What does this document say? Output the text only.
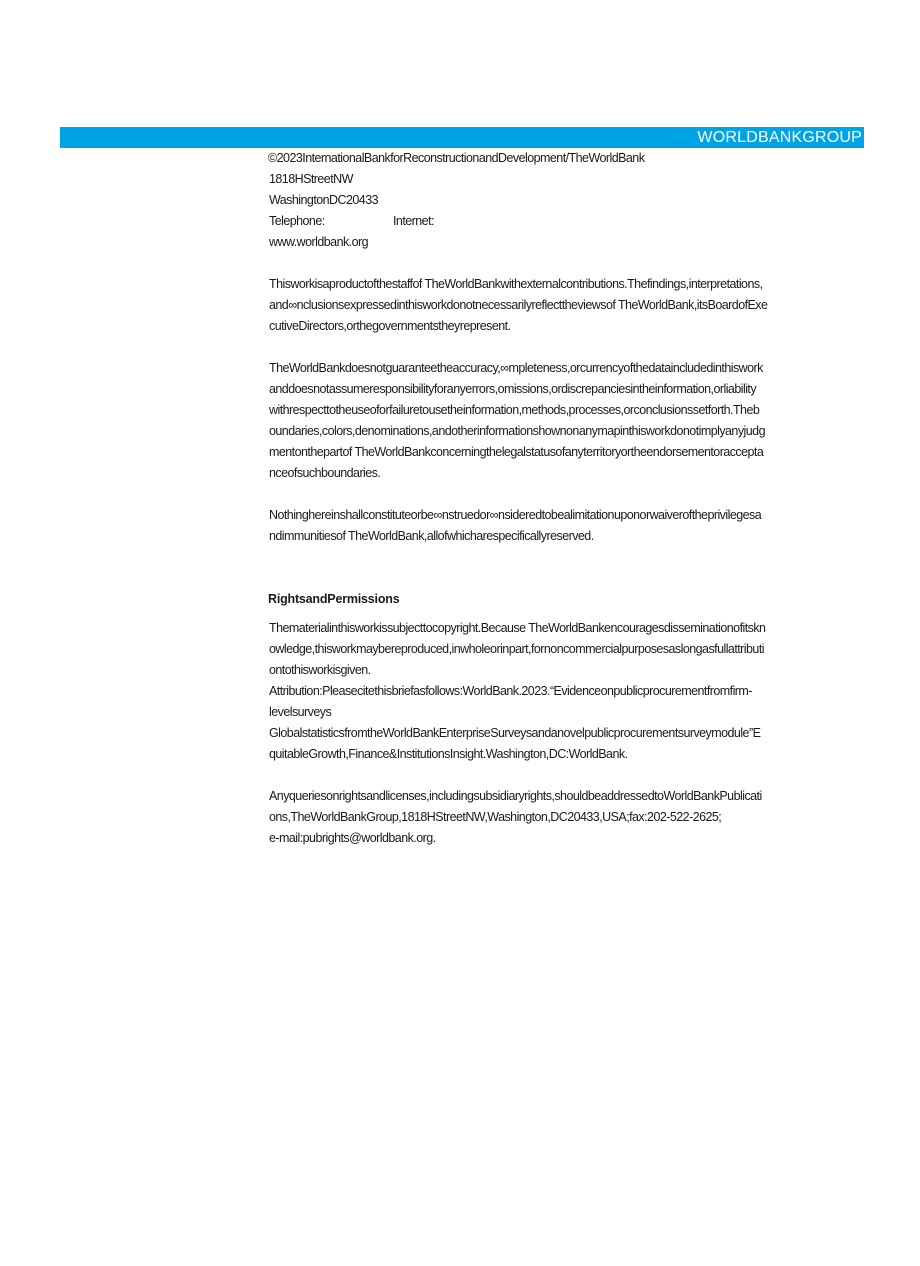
WORLDBANKGROUP
©2023InternationalBankforReconstructionandDevelopment/TheWorldBank
1818HStreetNW
WashingtonDC20433
Telephone:	Internet:
www.worldbank.org
Thisworkisaproductofthestaffof TheWorldBankwithexternalcontributions.Thefindings,interpretations,
and∞nclusionsexpressedinthisworkdonotnecessarilyreflecttheviewsof TheWorldBank,itsBoardofExe
cutiveDirectors,orthegovernmentstheyrepresent.
TheWorldBankdoesnotguaranteetheaccuracy,∞mpleteness,orcurrencyofthedataincludedinthiswork
anddoesnotassumeresponsibilityforanyerrors,omissions,ordiscrepanciesintheinformation,orliability
withrespecttotheuseoforfailuretousetheinformation,methods,processes,orconclusionssetforth.Theb
oundaries,colors,denominations,andotherinformationshownonanymapinthisworkdonotimplyanyjudg
mentonthepartof TheWorldBankconcerningthelegalstatusofanyterritoryortheendorsementoraccepta
nceofsuchboundaries.
Nothinghereinshallconstituteorbe∞nstruedor∞nsideredtobealimitationuponorwaiveroftheprivilegesa
ndimmunitiesof TheWorldBank,allofwhicharespecificallyreserved.
RightsandPermissions
Thematerialinthisworkissubjecttocopyright.Because TheWorldBankencouragesdisseminationofitskn
owledge,thisworkmaybereproduced,inwholeorinpart,fornoncommercialpurposesaslongasfullattributi
ontothisworkisgiven.
Attribution:Pleasecitethisbriefasfollows:WorldBank.2023.“Evidenceonpublicprocurementfromfirm-
levelsurveys
GlobalstatisticsfromtheWorldBankEnterpriseSurveysandanovelpublicprocurementsurveymodule”E
quitableGrowth,Finance&InstitutionsInsight.Washington,DC:WorldBank.
Anyqueriesonrightsandlicenses,includingsubsidiaryrights,shouldbeaddressedtoWorldBankPublicati
ons,TheWorldBankGroup,1818HStreetNW,Washington,DC20433,USA;fax:202-522-2625;
e-mail:pubrights@worldbank.org.
